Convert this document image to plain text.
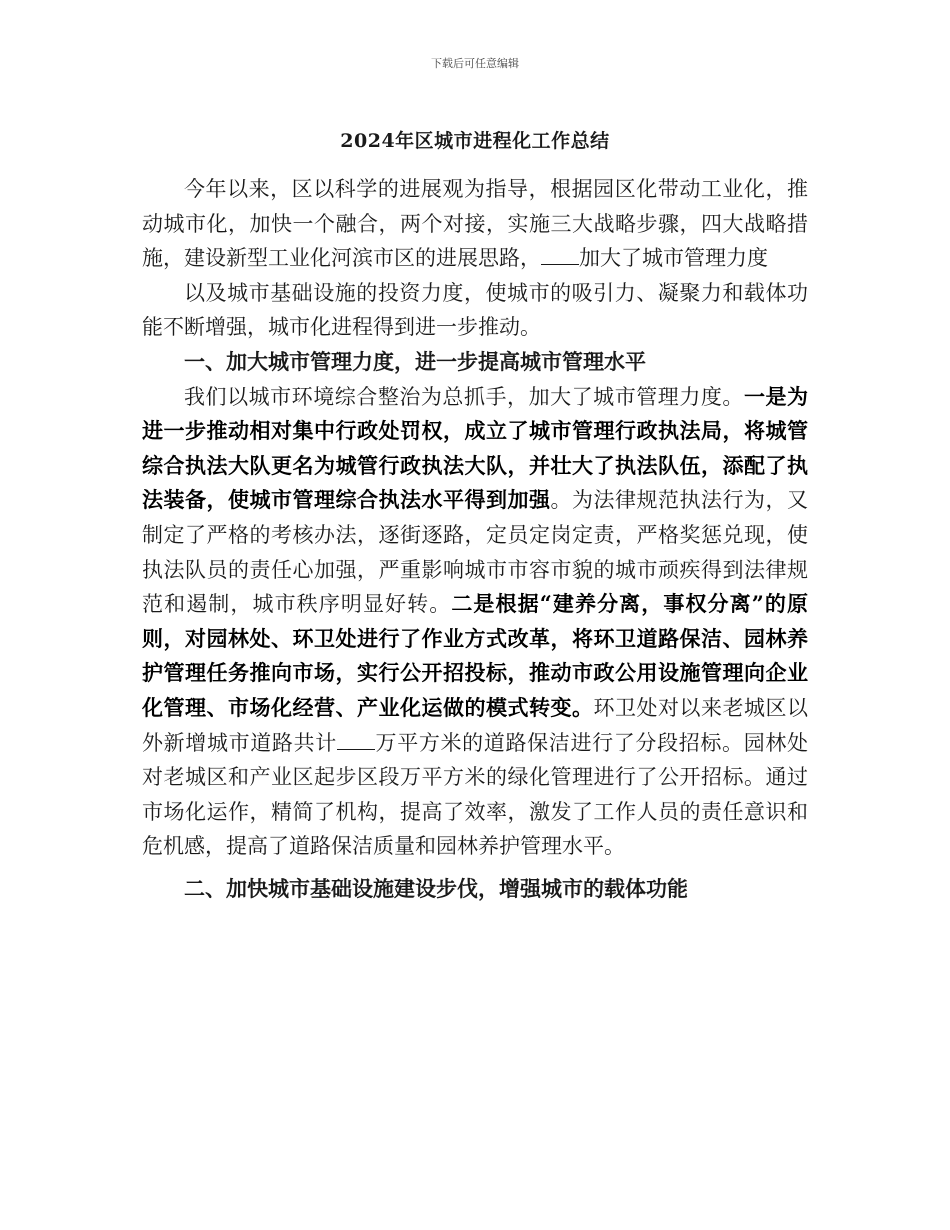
下载后可任意编辑
2024年区城市进程化工作总结

今年以来，区以科学的进展观为指导，根据园区化带动工业化，推动城市化，加快一个融合，两个对接，实施三大战略步骤，四大战略措施，建设新型工业化河滨市区的进展思路， 加大了城市管理力度

以及城市基础设施的投资力度，使城市的吸引力、凝聚力和载体功能不断增强，城市化进程得到进一步推动。

一、加大城市管理力度，进一步提高城市管理水平

我们以城市环境综合整治为总抓手，加大了城市管理力度。一是为进一步推动相对集中行政处罚权，成立了城市管理行政执法局，将城管综合执法大队更名为城管行政执法大队，并壮大了执法队伍，添配了执法装备，使城市管理综合执法水平得到加强。为法律规范执法行为，又制定了严格的考核办法，逐街逐路，定员定岗定责，严格奖惩兑现，使执法队员的责任心加强，严重影响城市市容市貌的城市顽疾得到法律规范和遏制，城市秩序明显好转。二是根据“建养分离，事权分离”的原则，对园林处、环卫处进行了作业方式改革，将环卫道路保洁、园林养护管理任务推向市场，实行公开招投标，推动市政公用设施管理向企业化管理、市场化经营、产业化运做的模式转变。环卫处对以来老城区以外新增城市道路共计 万平方米的道路保洁进行了分段招标。园林处对老城区和产业区起步区段万平方米的绿化管理进行了公开招标。通过市场化运作，精简了机构，提高了效率，激发了工作人员的责任意识和危机感，提高了道路保洁质量和园林养护管理水平。

二、加快城市基础设施建设步伐，增强城市的载体功能
